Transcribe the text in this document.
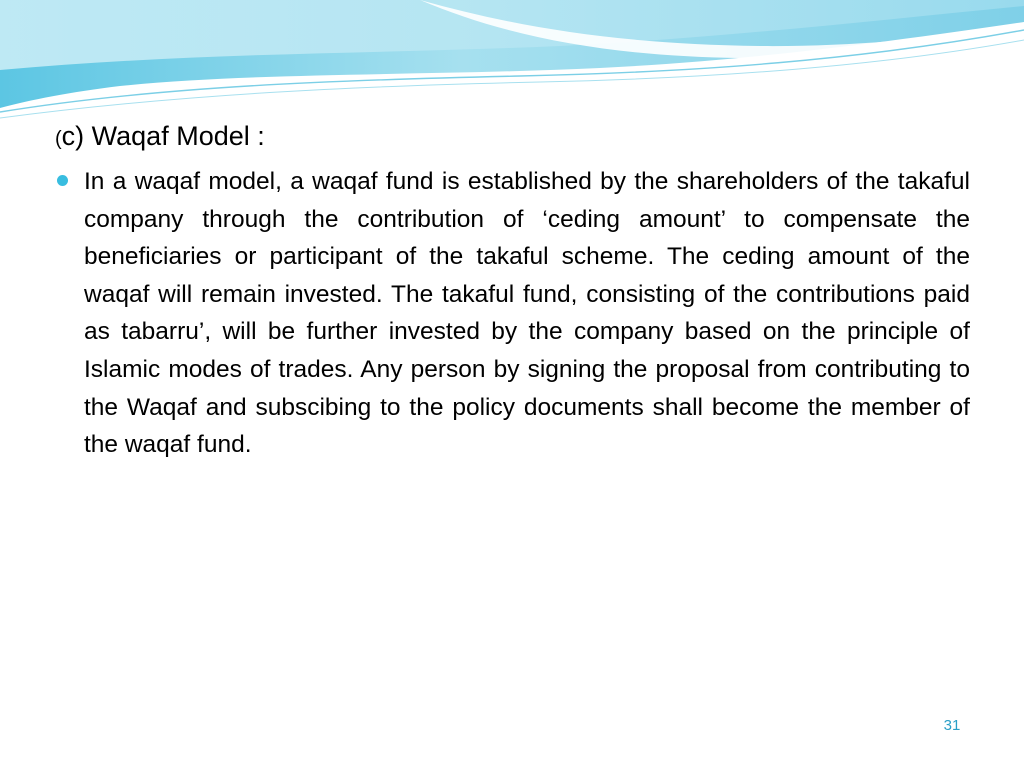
(c) Waqaf Model :

In a waqaf model, a waqaf fund is established by the shareholders of the takaful company through the contribution of ‘ceding amount’ to compensate the beneficiaries or participant of the takaful scheme. The ceding amount of the waqaf will remain invested. The takaful fund, consisting of the contributions paid as tabarru’, will be further invested by the company based on the principle of Islamic modes of trades. Any person by signing the proposal from contributing to the Waqaf and subscibing to the policy documents shall become the member of the waqaf fund.

31
